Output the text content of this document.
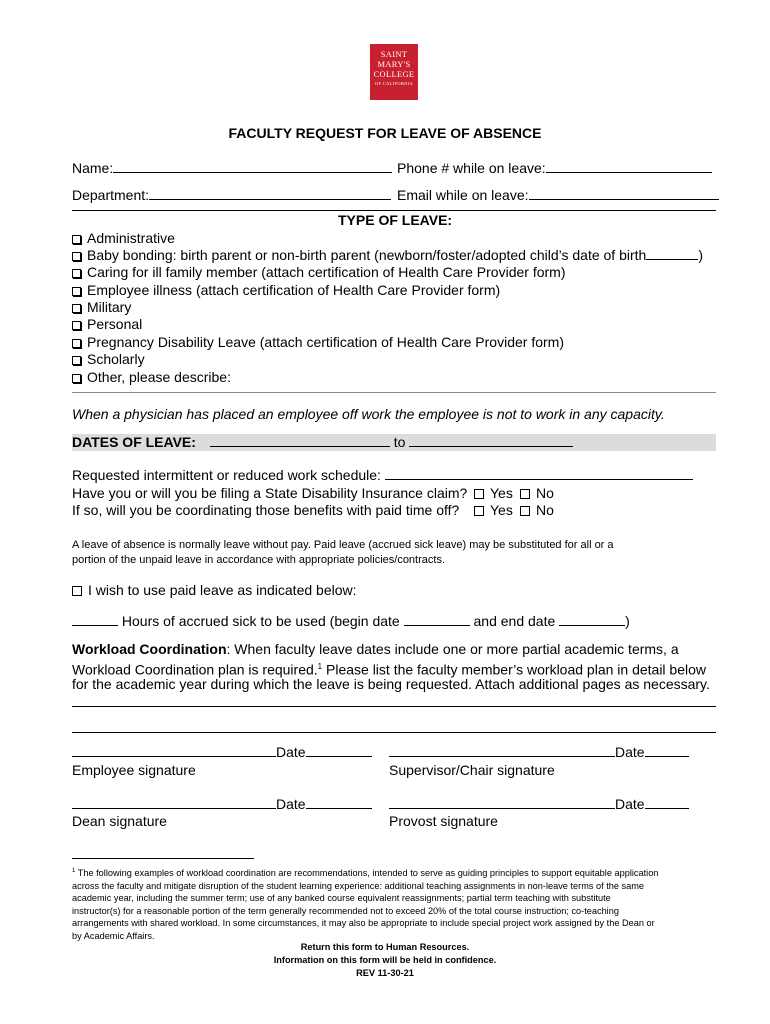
SAINT
MARY'S
COLLEGE
OF CALIFORNIA
FACULTY REQUEST FOR LEAVE OF ABSENCE
Name:	Phone # while on leave:
Department:	Email while on leave:
TYPE OF LEAVE:
Administrative
Baby bonding: birth parent or non-birth parent (newborn/foster/adopted child’s date of birth	)
Caring for ill family member (attach certification of Health Care Provider form)
Employee illness (attach certification of Health Care Provider form)
Military
Personal
Pregnancy Disability Leave (attach certification of Health Care Provider form)
Scholarly
Other, please describe:
When a physician has placed an employee off work the employee is not to work in any capacity.
DATES OF LEAVE:	to
Requested intermittent or reduced work schedule:
Have you or will you be filing a State Disability Insurance claim?	Yes	No
If so, will you be coordinating those benefits with paid time off?	Yes	No
A leave of absence is normally leave without pay. Paid leave (accrued sick leave) may be substituted for all or a
portion of the unpaid leave in accordance with appropriate policies/contracts.
I wish to use paid leave as indicated below:
Hours of accrued sick to be used (begin date	and end date	)
Workload Coordination: When faculty leave dates include one or more partial academic terms, a
Workload Coordination plan is required.$^1$ Please list the faculty member’s workload plan in detail below
for the academic year during which the leave is being requested. Attach additional pages as necessary.
Date	Date
Employee signature	Supervisor/Chair signature
Date	Date
Dean signature	Provost signature
$^1$ The following examples of workload coordination are recommendations, intended to serve as guiding principles to support equitable application
across the faculty and mitigate disruption of the student learning experience: additional teaching assignments in non-leave terms of the same
academic year, including the summer term; use of any banked course equivalent reassignments; partial term teaching with substitute
instructor(s) for a reasonable portion of the term generally recommended not to exceed 20% of the total course instruction; co-teaching
arrangements with shared workload. In some circumstances, it may also be appropriate to include special project work assigned by the Dean or
by Academic Affairs.
Return this form to Human Resources.
Information on this form will be held in confidence.
REV 11-30-21
